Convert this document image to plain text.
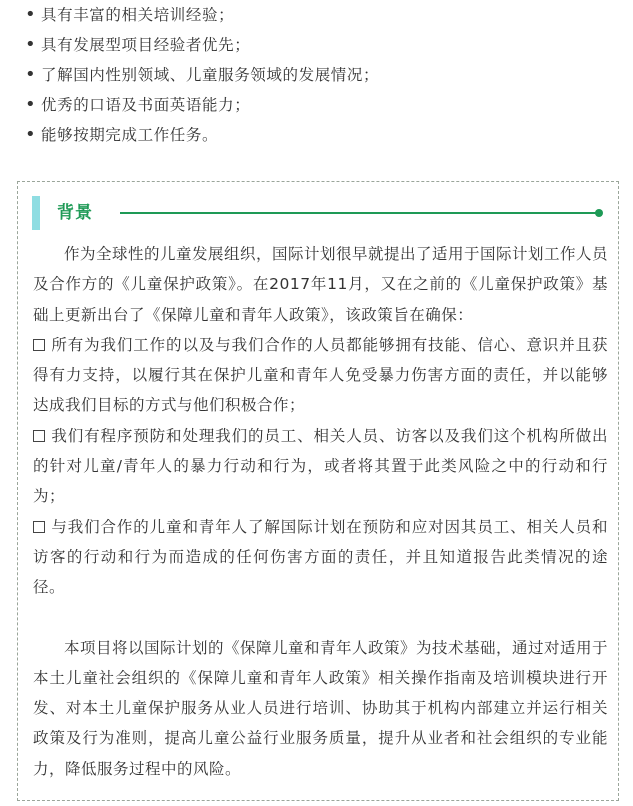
• 具有丰富的相关培训经验；
• 具有发展型项目经验者优先；
• 了解国内性别领域、儿童服务领域的发展情况；
• 优秀的口语及书面英语能力；
• 能够按期完成工作任务。
背景

作为全球性的儿童发展组织，国际计划很早就提出了适用于国际计划工作人员及合作方的《儿童保护政策》。在2017年11月，又在之前的《儿童保护政策》基础上更新出台了《保障儿童和青年人政策》，该政策旨在确保：

所有为我们工作的以及与我们合作的人员都能够拥有技能、信心、意识并且获得有力支持，以履行其在保护儿童和青年人免受暴力伤害方面的责任，并以能够达成我们目标的方式与他们积极合作；

我们有程序预防和处理我们的员工、相关人员、访客以及我们这个机构所做出的针对儿童/青年人的暴力行动和行为，或者将其置于此类风险之中的行动和行为；

与我们合作的儿童和青年人了解国际计划在预防和应对因其员工、相关人员和访客的行动和行为而造成的任何伤害方面的责任，并且知道报告此类情况的途径。

本项目将以国际计划的《保障儿童和青年人政策》为技术基础，通过对适用于本土儿童社会组织的《保障儿童和青年人政策》相关操作指南及培训模块进行开发、对本土儿童保护服务从业人员进行培训、协助其于机构内部建立并运行相关政策及行为准则，提高儿童公益行业服务质量，提升从业者和社会组织的专业能力，降低服务过程中的风险。
